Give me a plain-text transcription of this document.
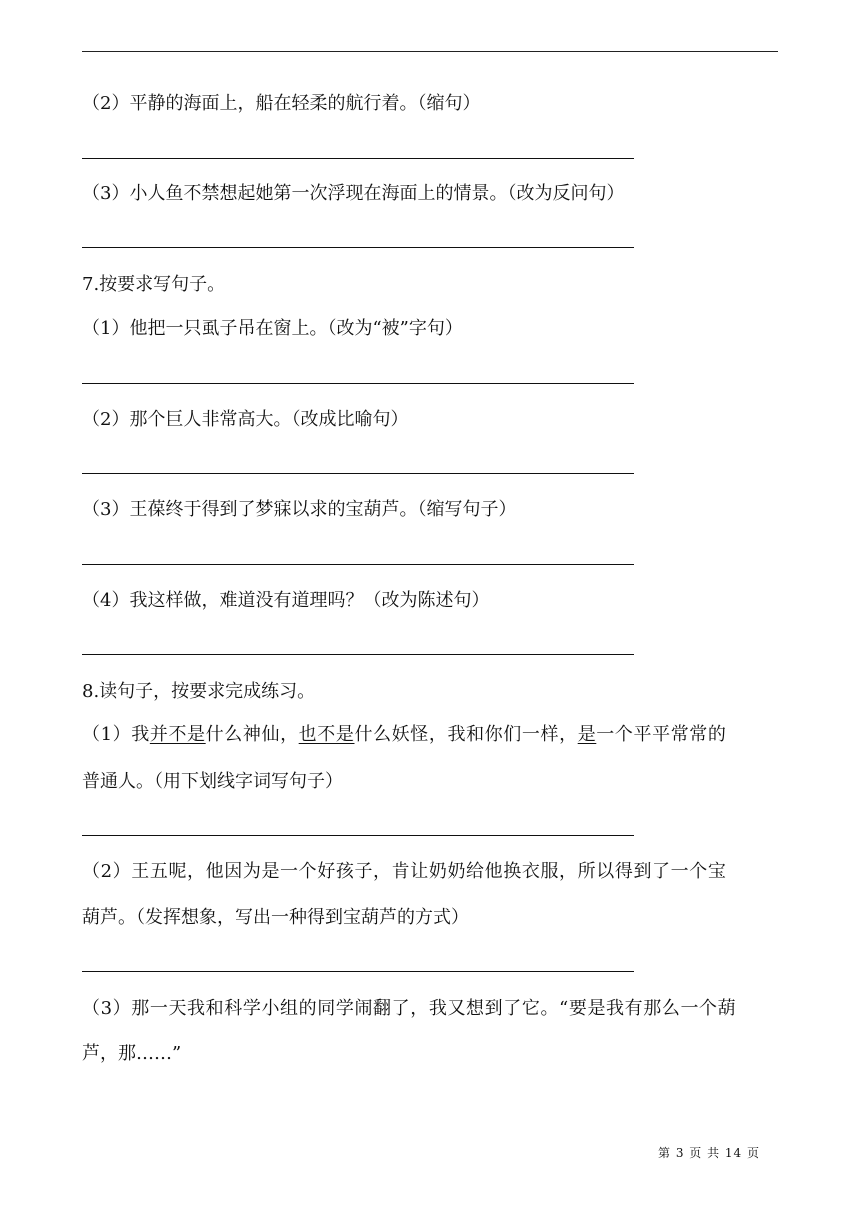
（2）平静的海面上，船在轻柔的航行着。（缩句）
（3）小人鱼不禁想起她第一次浮现在海面上的情景。（改为反问句）
7.按要求写句子。
（1）他把一只虱子吊在窗上。（改为“被”字句）
（2）那个巨人非常高大。（改成比喻句）
（3）王葆终于得到了梦寐以求的宝葫芦。（缩写句子）
（4）我这样做，难道没有道理吗？（改为陈述句）
8.读句子，按要求完成练习。
（1）我并不是什么神仙，也不是什么妖怪，我和你们一样，是一个平平常常的
普通人。（用下划线字词写句子）
（2）王五呢，他因为是一个好孩子，肯让奶奶给他换衣服，所以得到了一个宝
葫芦。（发挥想象，写出一种得到宝葫芦的方式）
（3）那一天我和科学小组的同学闹翻了，我又想到了它。“要是我有那么一个葫
芦，那……”
第 3 页 共 14 页
